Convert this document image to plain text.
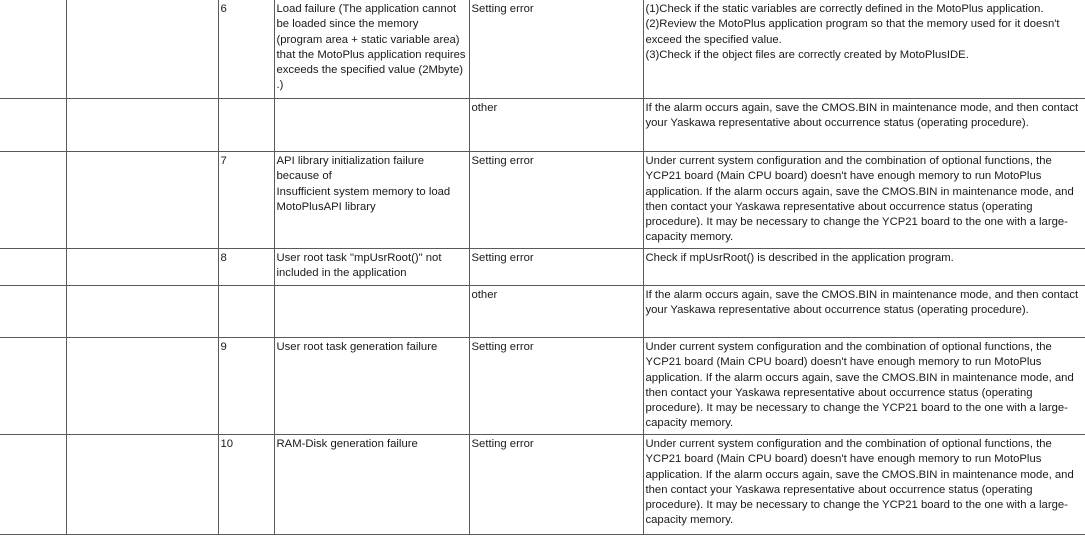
		6	Load failure (The application cannot be loaded since the memory (program area + static variable area) that the MotoPlus application requires exceeds the specified value (2Mbyte) .)	Setting error	(1)Check if the static variables are correctly defined in the MotoPlus application.
(2)Review the MotoPlus application program so that the memory used for it doesn't exceed the specified value.
(3)Check if the object files are correctly created by MotoPlusIDE.

				other	If the alarm occurs again, save the CMOS.BIN in maintenance mode, and then contact your Yaskawa representative about occurrence status (operating procedure).

		7	API library initialization failure because of
Insufficient system memory to load MotoPlusAPI library	Setting error	Under current system configuration and the combination of optional functions, the YCP21 board (Main CPU board) doesn't have enough memory to run MotoPlus application. If the alarm occurs again, save the CMOS.BIN in maintenance mode, and then contact your Yaskawa representative about occurrence status (operating procedure). It may be necessary to change the YCP21 board to the one with a large-capacity memory.

		8	User root task "mpUsrRoot()" not included in the application	Setting error	Check if mpUsrRoot() is described in the application program.

				other	If the alarm occurs again, save the CMOS.BIN in maintenance mode, and then contact your Yaskawa representative about occurrence status (operating procedure).

		9	User root task generation failure	Setting error	Under current system configuration and the combination of optional functions, the YCP21 board (Main CPU board) doesn't have enough memory to run MotoPlus application. If the alarm occurs again, save the CMOS.BIN in maintenance mode, and then contact your Yaskawa representative about occurrence status (operating procedure). It may be necessary to change the YCP21 board to the one with a large-capacity memory.

		10	RAM-Disk generation failure	Setting error	Under current system configuration and the combination of optional functions, the YCP21 board (Main CPU board) doesn't have enough memory to run MotoPlus application. If the alarm occurs again, save the CMOS.BIN in maintenance mode, and then contact your Yaskawa representative about occurrence status (operating procedure). It may be necessary to change the YCP21 board to the one with a large-capacity memory.
